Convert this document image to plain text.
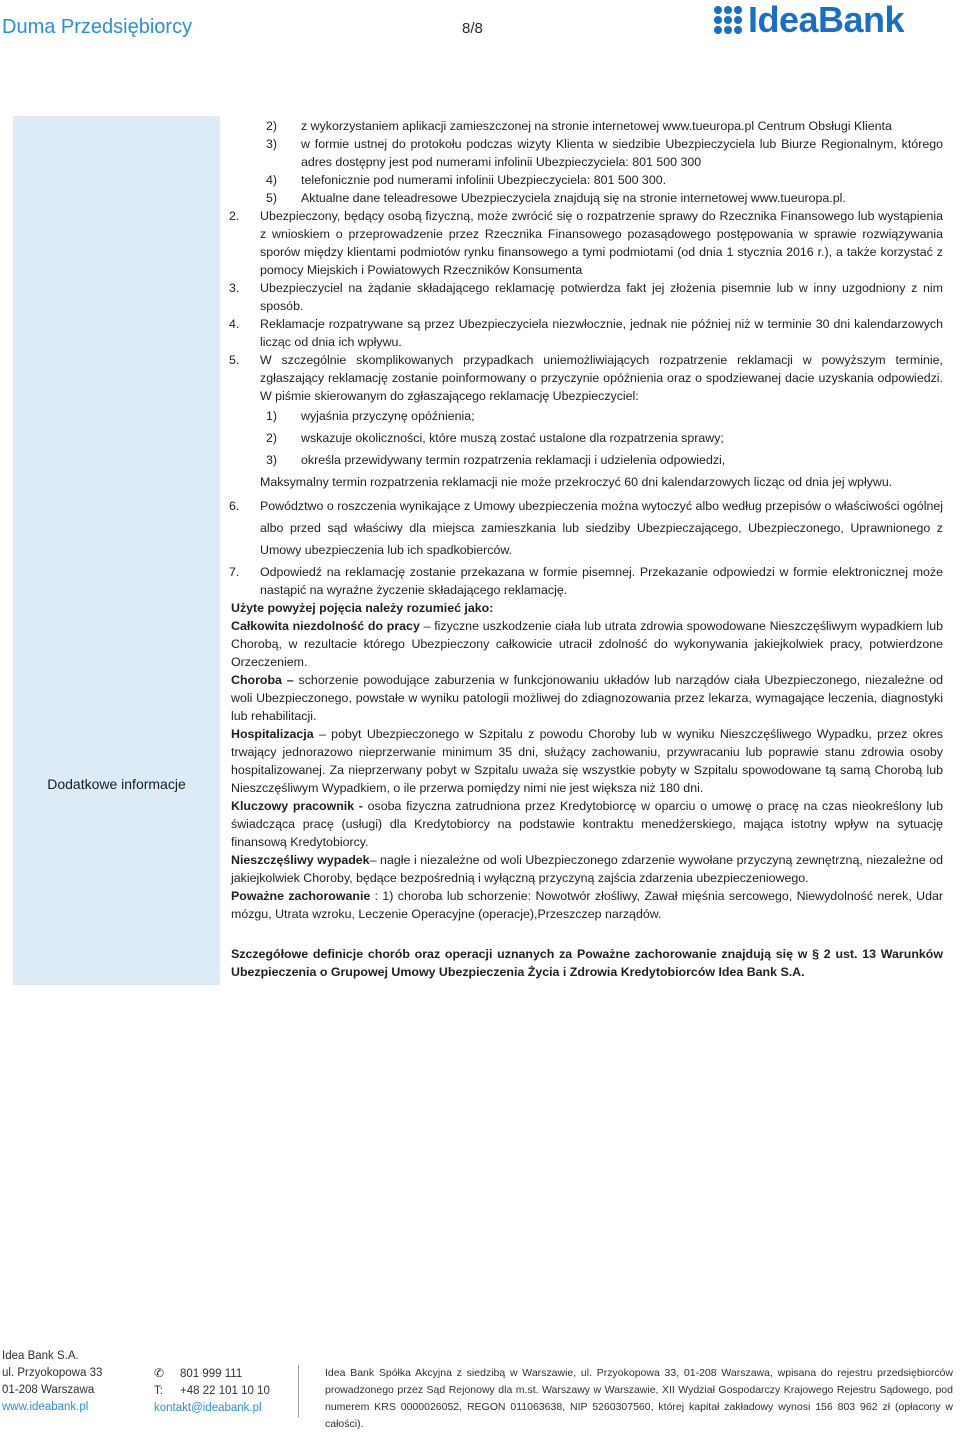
Duma Przedsiębiorcy	8/8	IdeaBank
Dodatkowe informacje

2) z wykorzystaniem aplikacji zamieszczonej na stronie internetowej www.tueuropa.pl Centrum Obsługi Klienta

3) w formie ustnej do protokołu podczas wizyty Klienta w siedzibie Ubezpieczyciela lub Biurze Regionalnym, którego adres dostępny jest pod numerami infolinii Ubezpieczyciela: 801 500 300

4) telefonicznie pod numerami infolinii Ubezpieczyciela: 801 500 300.

5) Aktualne dane teleadresowe Ubezpieczyciela znajdują się na stronie internetowej www.tueuropa.pl.

2. Ubezpieczony, będący osobą fizyczną, może zwrócić się o rozpatrzenie sprawy do Rzecznika Finansowego lub wystąpienia z wnioskiem o przeprowadzenie przez Rzecznika Finansowego pozasądowego postępowania w sprawie rozwiązywania sporów między klientami podmiotów rynku finansowego a tymi podmiotami (od dnia 1 stycznia 2016 r.), a także korzystać z pomocy Miejskich i Powiatowych Rzeczników Konsumenta

3. Ubezpieczyciel na żądanie składającego reklamację potwierdza fakt jej złożenia pisemnie lub w inny uzgodniony z nim sposób.

4. Reklamacje rozpatrywane są przez Ubezpieczyciela niezwłocznie, jednak nie później niż w terminie 30 dni kalendarzowych licząc od dnia ich wpływu.

5. W szczególnie skomplikowanych przypadkach uniemożliwiających rozpatrzenie reklamacji w powyższym terminie, zgłaszający reklamację zostanie poinformowany o przyczynie opóźnienia oraz o spodziewanej dacie uzyskania odpowiedzi. W piśmie skierowanym do zgłaszającego reklamację Ubezpieczyciel:

1) wyjaśnia przyczynę opóźnienia;

2) wskazuje okoliczności, które muszą zostać ustalone dla rozpatrzenia sprawy;

3) określa przewidywany termin rozpatrzenia reklamacji i udzielenia odpowiedzi,

Maksymalny termin rozpatrzenia reklamacji nie może przekroczyć 60 dni kalendarzowych licząc od dnia jej wpływu.

6. Powództwo o roszczenia wynikające z Umowy ubezpieczenia można wytoczyć albo według przepisów o właściwości ogólnej albo przed sąd właściwy dla miejsca zamieszkania lub siedziby Ubezpieczającego, Ubezpieczonego, Uprawnionego z Umowy ubezpieczenia lub ich spadkobierców.

7. Odpowiedź na reklamację zostanie przekazana w formie pisemnej. Przekazanie odpowiedzi w formie elektronicznej może nastąpić na wyraźne życzenie składającego reklamację.

Użyte powyżej pojęcia należy rozumieć jako:

Całkowita niezdolność do pracy – fizyczne uszkodzenie ciała lub utrata zdrowia spowodowane Nieszczęśliwym wypadkiem lub Chorobą, w rezultacie którego Ubezpieczony całkowicie utracił zdolność do wykonywania jakiejkolwiek pracy, potwierdzone Orzeczeniem.

Choroba – schorzenie powodujące zaburzenia w funkcjonowaniu układów lub narządów ciała Ubezpieczonego, niezależne od woli Ubezpieczonego, powstałe w wyniku patologii możliwej do zdiagnozowania przez lekarza, wymagające leczenia, diagnostyki lub rehabilitacji.

Hospitalizacja – pobyt Ubezpieczonego w Szpitalu z powodu Choroby lub w wyniku Nieszczęśliwego Wypadku, przez okres trwający jednorazowo nieprzerwanie minimum 35 dni, służący zachowaniu, przywracaniu lub poprawie stanu zdrowia osoby hospitalizowanej. Za nieprzerwany pobyt w Szpitalu uważa się wszystkie pobyty w Szpitalu spowodowane tą samą Chorobą lub Nieszczęśliwym Wypadkiem, o ile przerwa pomiędzy nimi nie jest większa niż 180 dni.

Kluczowy pracownik - osoba fizyczna zatrudniona przez Kredytobiorcę w oparciu o umowę o pracę na czas nieokreślony lub świadcząca pracę (usługi) dla Kredytobiorcy na podstawie kontraktu menedżerskiego, mająca istotny wpływ na sytuację finansową Kredytobiorcy.

Nieszczęśliwy wypadek– nagłe i niezależne od woli Ubezpieczonego zdarzenie wywołane przyczyną zewnętrzną, niezależne od jakiejkolwiek Choroby, będące bezpośrednią i wyłączną przyczyną zajścia zdarzenia ubezpieczeniowego.

Poważne zachorowanie : 1) choroba lub schorzenie: Nowotwór złośliwy, Zawał mięśnia sercowego, Niewydolność nerek, Udar mózgu, Utrata wzroku, Leczenie Operacyjne (operacje),Przeszczep narządów.

Szczegółowe definicje chorób oraz operacji uznanych za Poważne zachorowanie znajdują się w § 2 ust. 13 Warunków Ubezpieczenia o Grupowej Umowy Ubezpieczenia Życia i Zdrowia Kredytobiorców Idea Bank S.A.

Idea Bank S.A.
ul. Przyokopowa 33
01-208 Warszawa
www.ideabank.pl
✆ 801 999 111
T: +48 22 101 10 10
kontakt@ideabank.pl
Idea Bank Spółka Akcyjna z siedzibą w Warszawie, ul. Przyokopowa 33, 01-208 Warszawa, wpisana do rejestru przedsiębiorców prowadzonego przez Sąd Rejonowy dla m.st. Warszawy w Warszawie, XII Wydział Gospodarczy Krajowego Rejestru Sądowego, pod numerem KRS 0000026052, REGON 011063638, NIP 5260307560, której kapitał zakładowy wynosi 156 803 962 zł (opłacony w całości).
